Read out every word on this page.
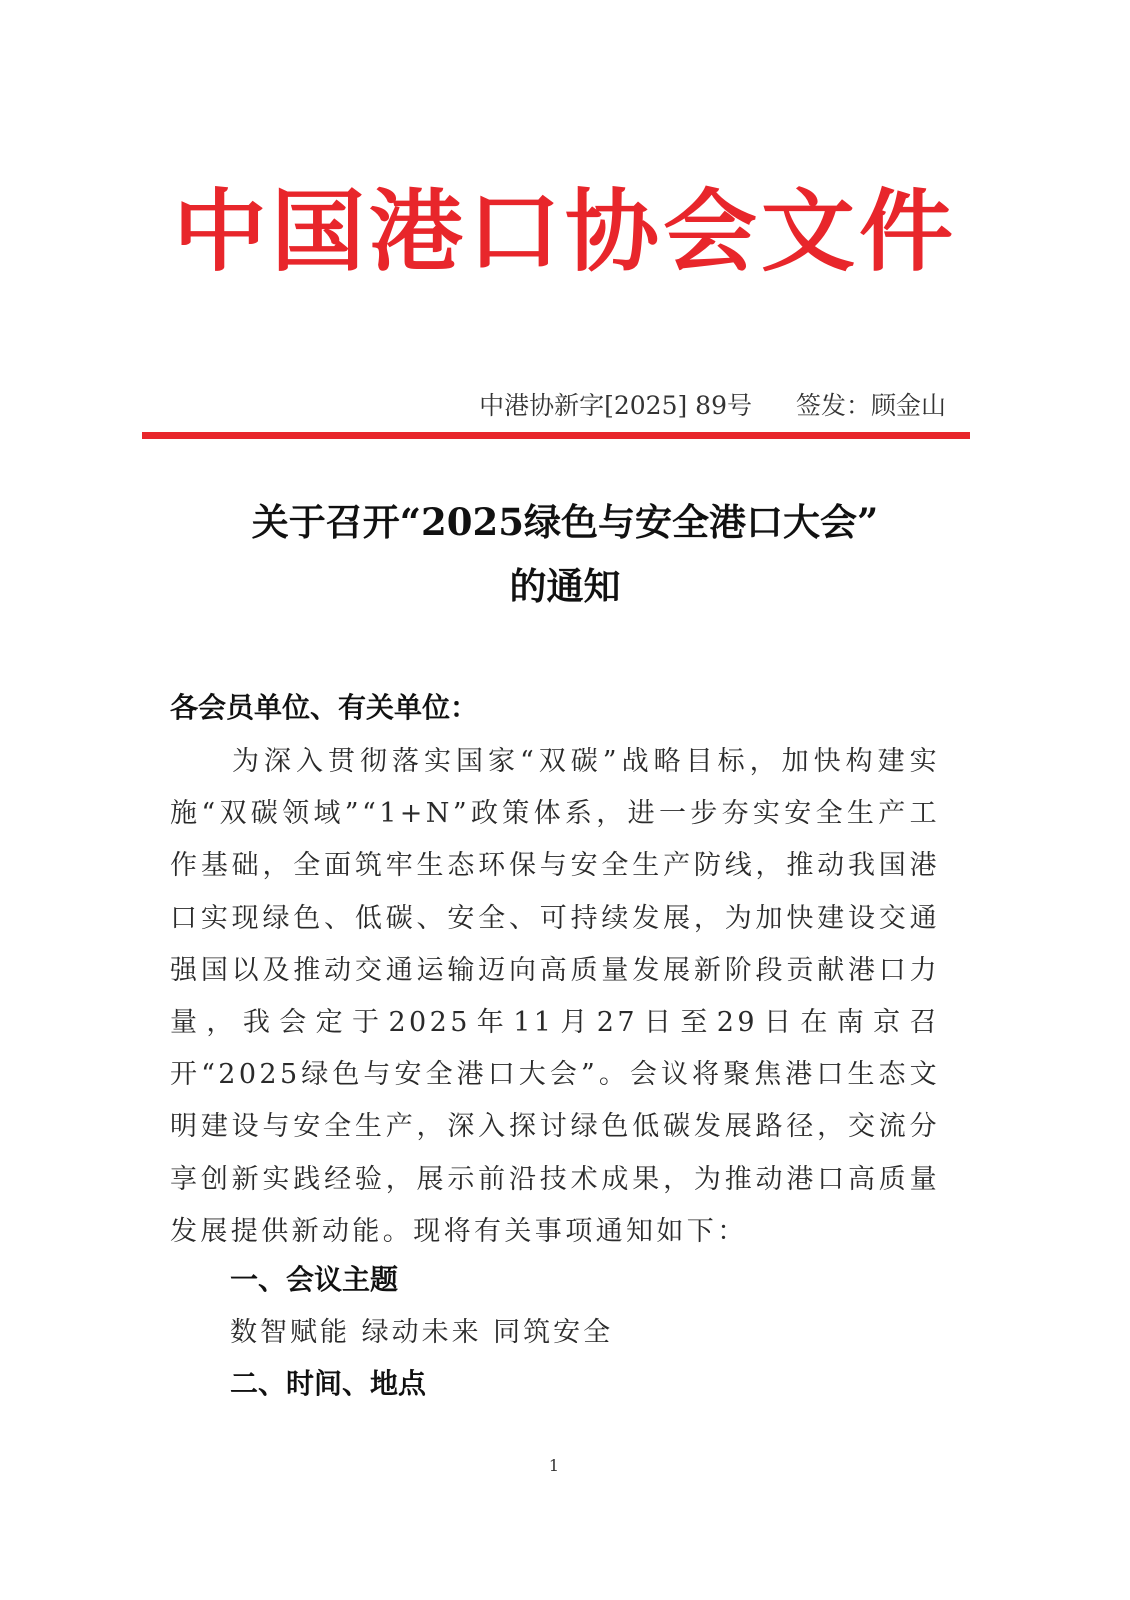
中国港口协会文件
中港协新字[2025] 89号 签发：顾金山
关于召开“2025绿色与安全港口大会”
的通知
各会员单位、有关单位：
为深入贯彻落实国家“双碳”战略目标，加快构建实施“双碳领域”“1+N”政策体系，进一步夯实安全生产工作基础，全面筑牢生态环保与安全生产防线，推动我国港口实现绿色、低碳、安全、可持续发展，为加快建设交通强国以及推动交通运输迈向高质量发展新阶段贡献港口力量，我会定于2025年11月27日至29日在南京召开“2025绿色与安全港口大会”。会议将聚焦港口生态文明建设与安全生产，深入探讨绿色低碳发展路径，交流分享创新实践经验，展示前沿技术成果，为推动港口高质量发展提供新动能。现将有关事项通知如下：
一、会议主题
数智赋能 绿动未来 同筑安全
二、时间、地点
1
